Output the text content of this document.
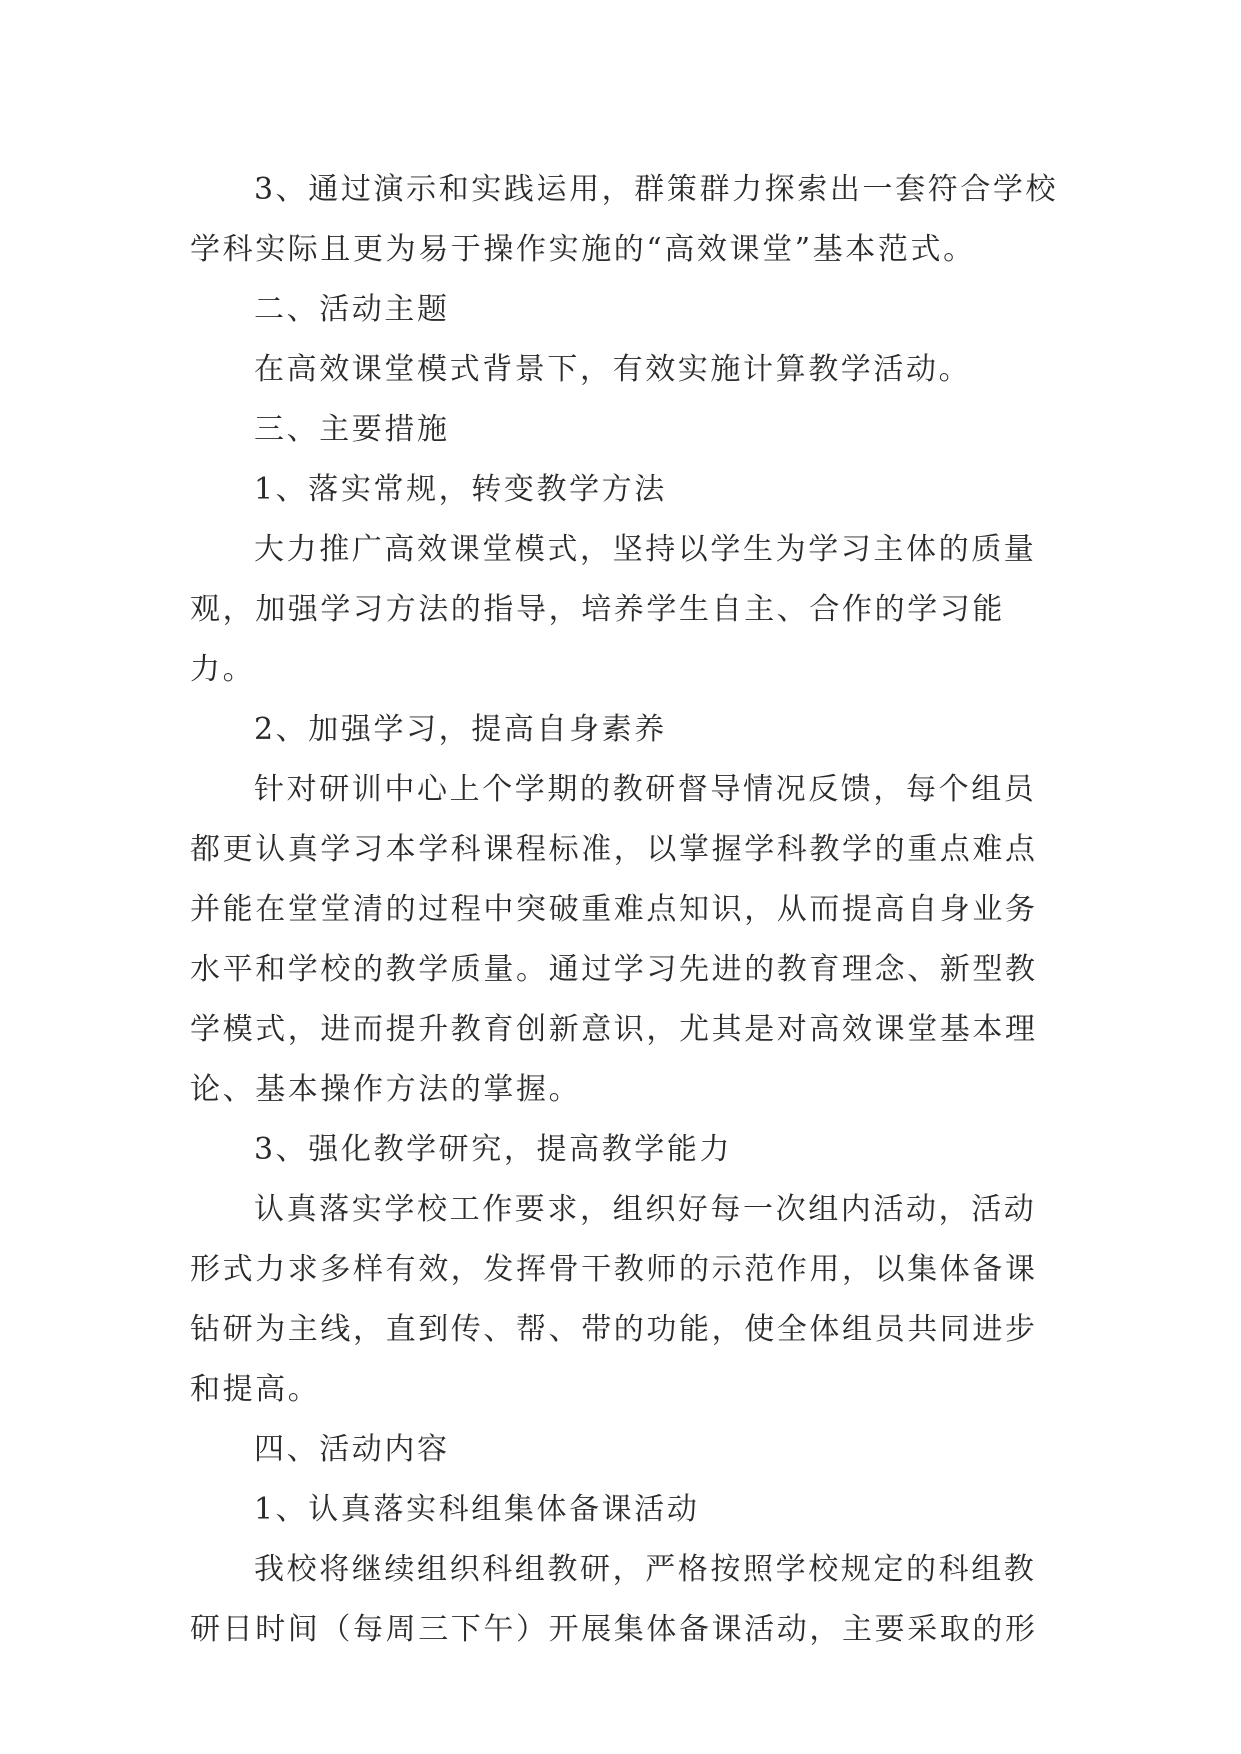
3、通过演示和实践运用，群策群力探索出一套符合学校学科实际且更为易于操作实施的“高效课堂”基本范式。

二、活动主题

在高效课堂模式背景下，有效实施计算教学活动。

三、主要措施

1、落实常规，转变教学方法

大力推广高效课堂模式，坚持以学生为学习主体的质量观，加强学习方法的指导，培养学生自主、合作的学习能力。

2、加强学习，提高自身素养

针对研训中心上个学期的教研督导情况反馈，每个组员都更认真学习本学科课程标准，以掌握学科教学的重点难点并能在堂堂清的过程中突破重难点知识，从而提高自身业务水平和学校的教学质量。通过学习先进的教育理念、新型教学模式，进而提升教育创新意识，尤其是对高效课堂基本理论、基本操作方法的掌握。

3、强化教学研究，提高教学能力

认真落实学校工作要求，组织好每一次组内活动，活动形式力求多样有效，发挥骨干教师的示范作用，以集体备课钻研为主线，直到传、帮、带的功能，使全体组员共同进步和提高。

四、活动内容

1、认真落实科组集体备课活动

我校将继续组织科组教研，严格按照学校规定的科组教研日时间（每周三下午）开展集体备课活动，主要采取的形
